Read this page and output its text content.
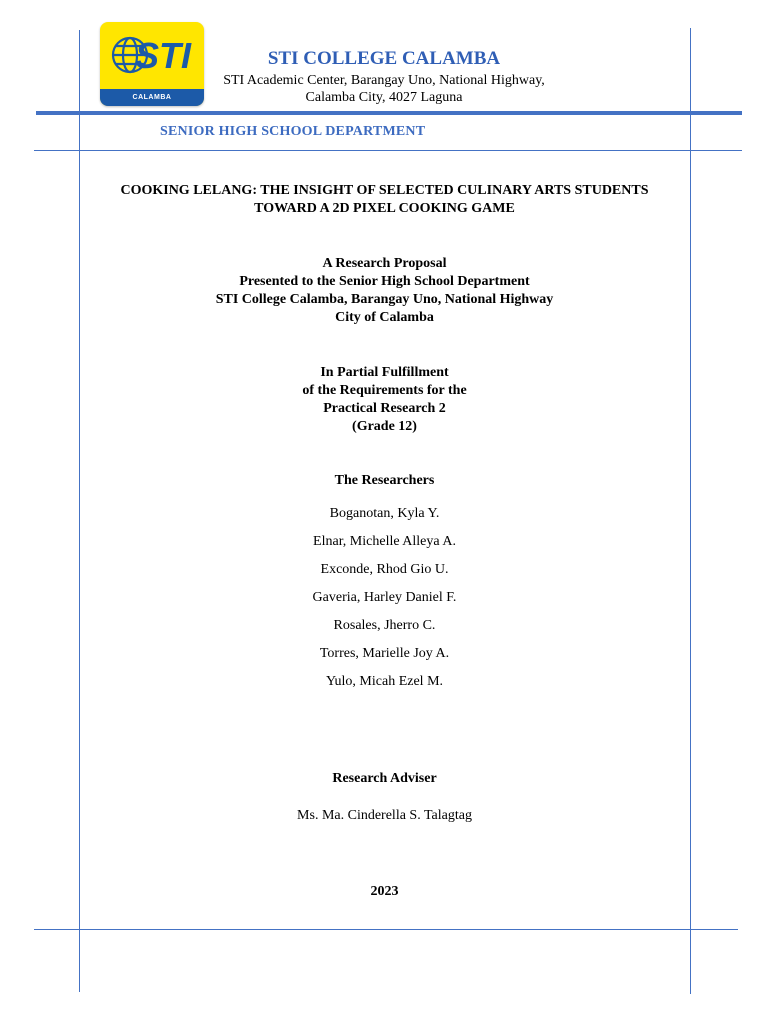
STI
CALAMBA
STI COLLEGE CALAMBA
STI Academic Center, Barangay Uno, National Highway,
Calamba City, 4027 Laguna
SENIOR HIGH SCHOOL DEPARTMENT
COOKING LELANG: THE INSIGHT OF SELECTED CULINARY ARTS STUDENTS
TOWARD A 2D PIXEL COOKING GAME
A Research Proposal
Presented to the Senior High School Department
STI College Calamba, Barangay Uno, National Highway
City of Calamba
In Partial Fulfillment
of the Requirements for the
Practical Research 2
(Grade 12)
The Researchers
Boganotan, Kyla Y.
Elnar, Michelle Alleya A.
Exconde, Rhod Gio U.
Gaveria, Harley Daniel F.
Rosales, Jherro C.
Torres, Marielle Joy A.
Yulo, Micah Ezel M.
Research Adviser
Ms. Ma. Cinderella S. Talagtag
2023
